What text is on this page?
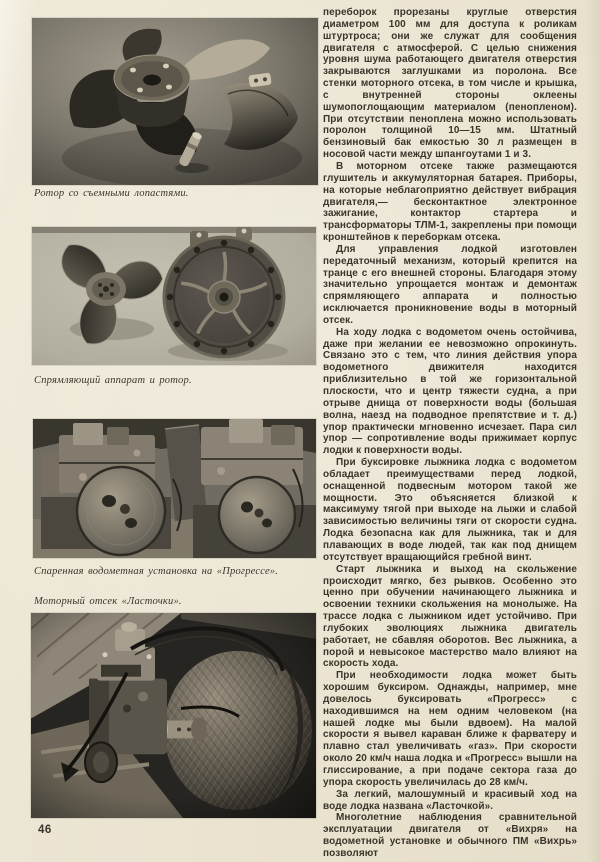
Ротор со съемными лопастями.
Спрямляющий аппарат и ротор.
Спаренная водометная установка на «Прогрессе».
Моторный отсек «Ласточки».

переборок прорезаны круглые отверстия диаметром 100 мм для доступа к роликам штуртроса; они же служат для сообщения двигателя с атмосферой. С целью снижения уровня шума работающего двигателя отверстия закрываются заглушками из поролона. Все стенки моторного отсека, в том числе и крышка, с внутренней стороны оклеены шумопоглощающим материалом (пенопленом). При отсутствии пеноплена можно использовать поролон толщиной 10—15 мм. Штатный бензиновый бак емкостью 30 л размещен в носовой части между шпангоутами 1 и 3.

В моторном отсеке также размещаются глушитель и аккумуляторная батарея. Приборы, на которые неблагоприятно действует вибрация двигателя,— бесконтактное электронное зажигание, контактор стартера и трансформаторы ТЛМ-1, закреплены при помощи кронштейнов к переборкам отсека.

Для управления лодкой изготовлен передаточный механизм, который крепится на транце с его внешней стороны. Благодаря этому значительно упрощается монтаж и демонтаж спрямляющего аппарата и полностью исключается проникновение воды в моторный отсек.

На ходу лодка с водометом очень остойчива, даже при желании ее невозможно опрокинуть. Связано это с тем, что линия действия упора водометного движителя находится приблизительно в той же горизонтальной плоскости, что и центр тяжести судна, а при отрыве днища от поверхности воды (большая волна, наезд на подводное препятствие и т. д.) упор практически мгновенно исчезает. Пара сил упор — сопротивление воды прижимает корпус лодки к поверхности воды.

При буксировке лыжника лодка с водометом обладает преимуществами перед лодкой, оснащенной подвесным мотором такой же мощности. Это объясняется близкой к максимуму тягой при выходе на лыжи и слабой зависимостью величины тяги от скорости судна. Лодка безопасна как для лыжника, так и для плавающих в воде людей, так как под днищем отсутствует вращающийся гребной винт.

Старт лыжника и выход на скольжение происходит мягко, без рывков. Особенно это ценно при обучении начинающего лыжника и освоении техники скольжения на монолыже. На трассе лодка с лыжником идет устойчиво. При глубоких эволюциях лыжника двигатель работает, не сбавляя оборотов. Вес лыжника, а порой и невысокое мастерство мало влияют на скорость хода.

При необходимости лодка может быть хорошим буксиром. Однажды, например, мне довелось буксировать «Прогресс» с находившимся на нем одним человеком (на нашей лодке мы были вдвоем). На малой скорости я вывел караван ближе к фарватеру и плавно стал увеличивать «газ». При скорости около 20 км/ч наша лодка и «Прогресс» вышли на глиссирование, а при подаче сектора газа до упора скорость увеличилась до 28 км/ч.

За легкий, малошумный и красивый ход на воде лодка названа «Ласточкой».

Многолетние наблюдения сравнительной эксплуатации двигателя от «Вихря» на водометной установке и обычного ПМ «Вихрь» позволяют

46
